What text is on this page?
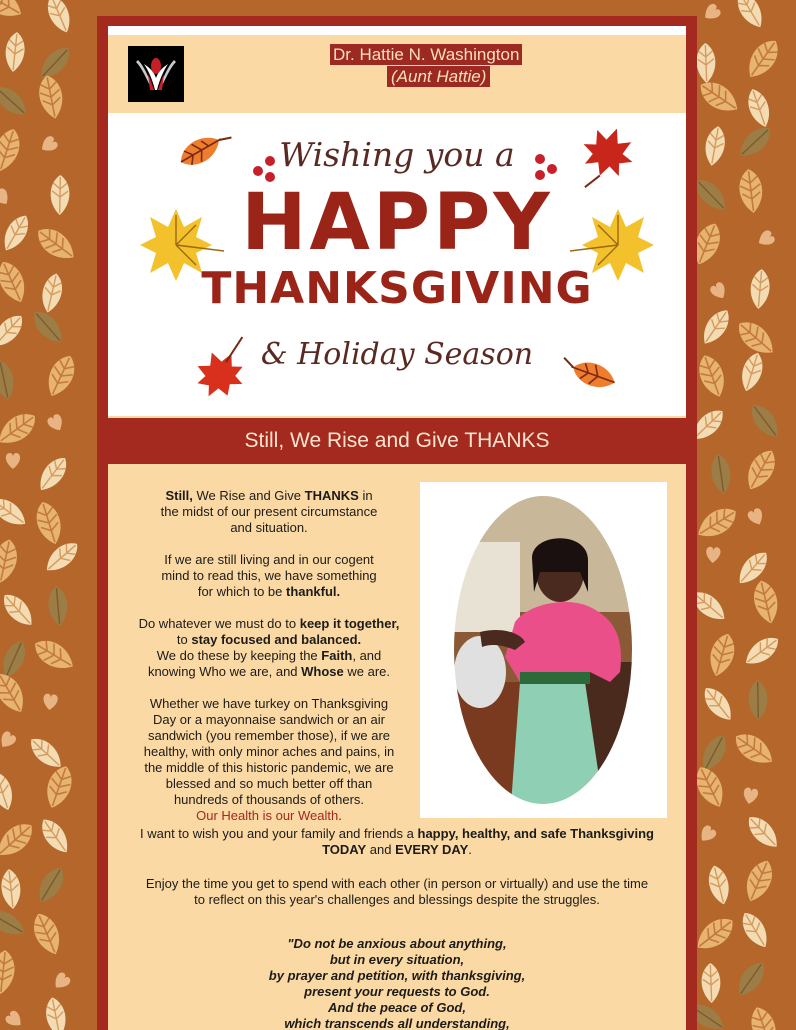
Dr. Hattie N. Washington
(Aunt Hattie)
Wishing you a
HAPPY
THANKSGIVING
& Holiday Season
Still, We Rise and Give THANKS

Still, We Rise and Give THANKS in
the midst of our present circumstance
and situation.

If we are still living and in our cogent
mind to read this, we have something
for which to be thankful.

Do whatever we must do to keep it together,
to stay focused and balanced.
We do these by keeping the Faith, and
knowing Who we are, and Whose we are.

Whether we have turkey on Thanksgiving
Day or a mayonnaise sandwich or an air
sandwich (you remember those), if we are
healthy, with only minor aches and pains, in
the middle of this historic pandemic, we are
blessed and so much better off than
hundreds of thousands of others.
Our Health is our Wealth.

I want to wish you and your family and friends a happy, healthy, and safe Thanksgiving
TODAY and EVERY DAY.

Enjoy the time you get to spend with each other (in person or virtually) and use the time
to reflect on this year's challenges and blessings despite the struggles.

"Do not be anxious about anything,
but in every situation,
by prayer and petition, with thanksgiving,
present your requests to God.
And the peace of God,
which transcends all understanding,
